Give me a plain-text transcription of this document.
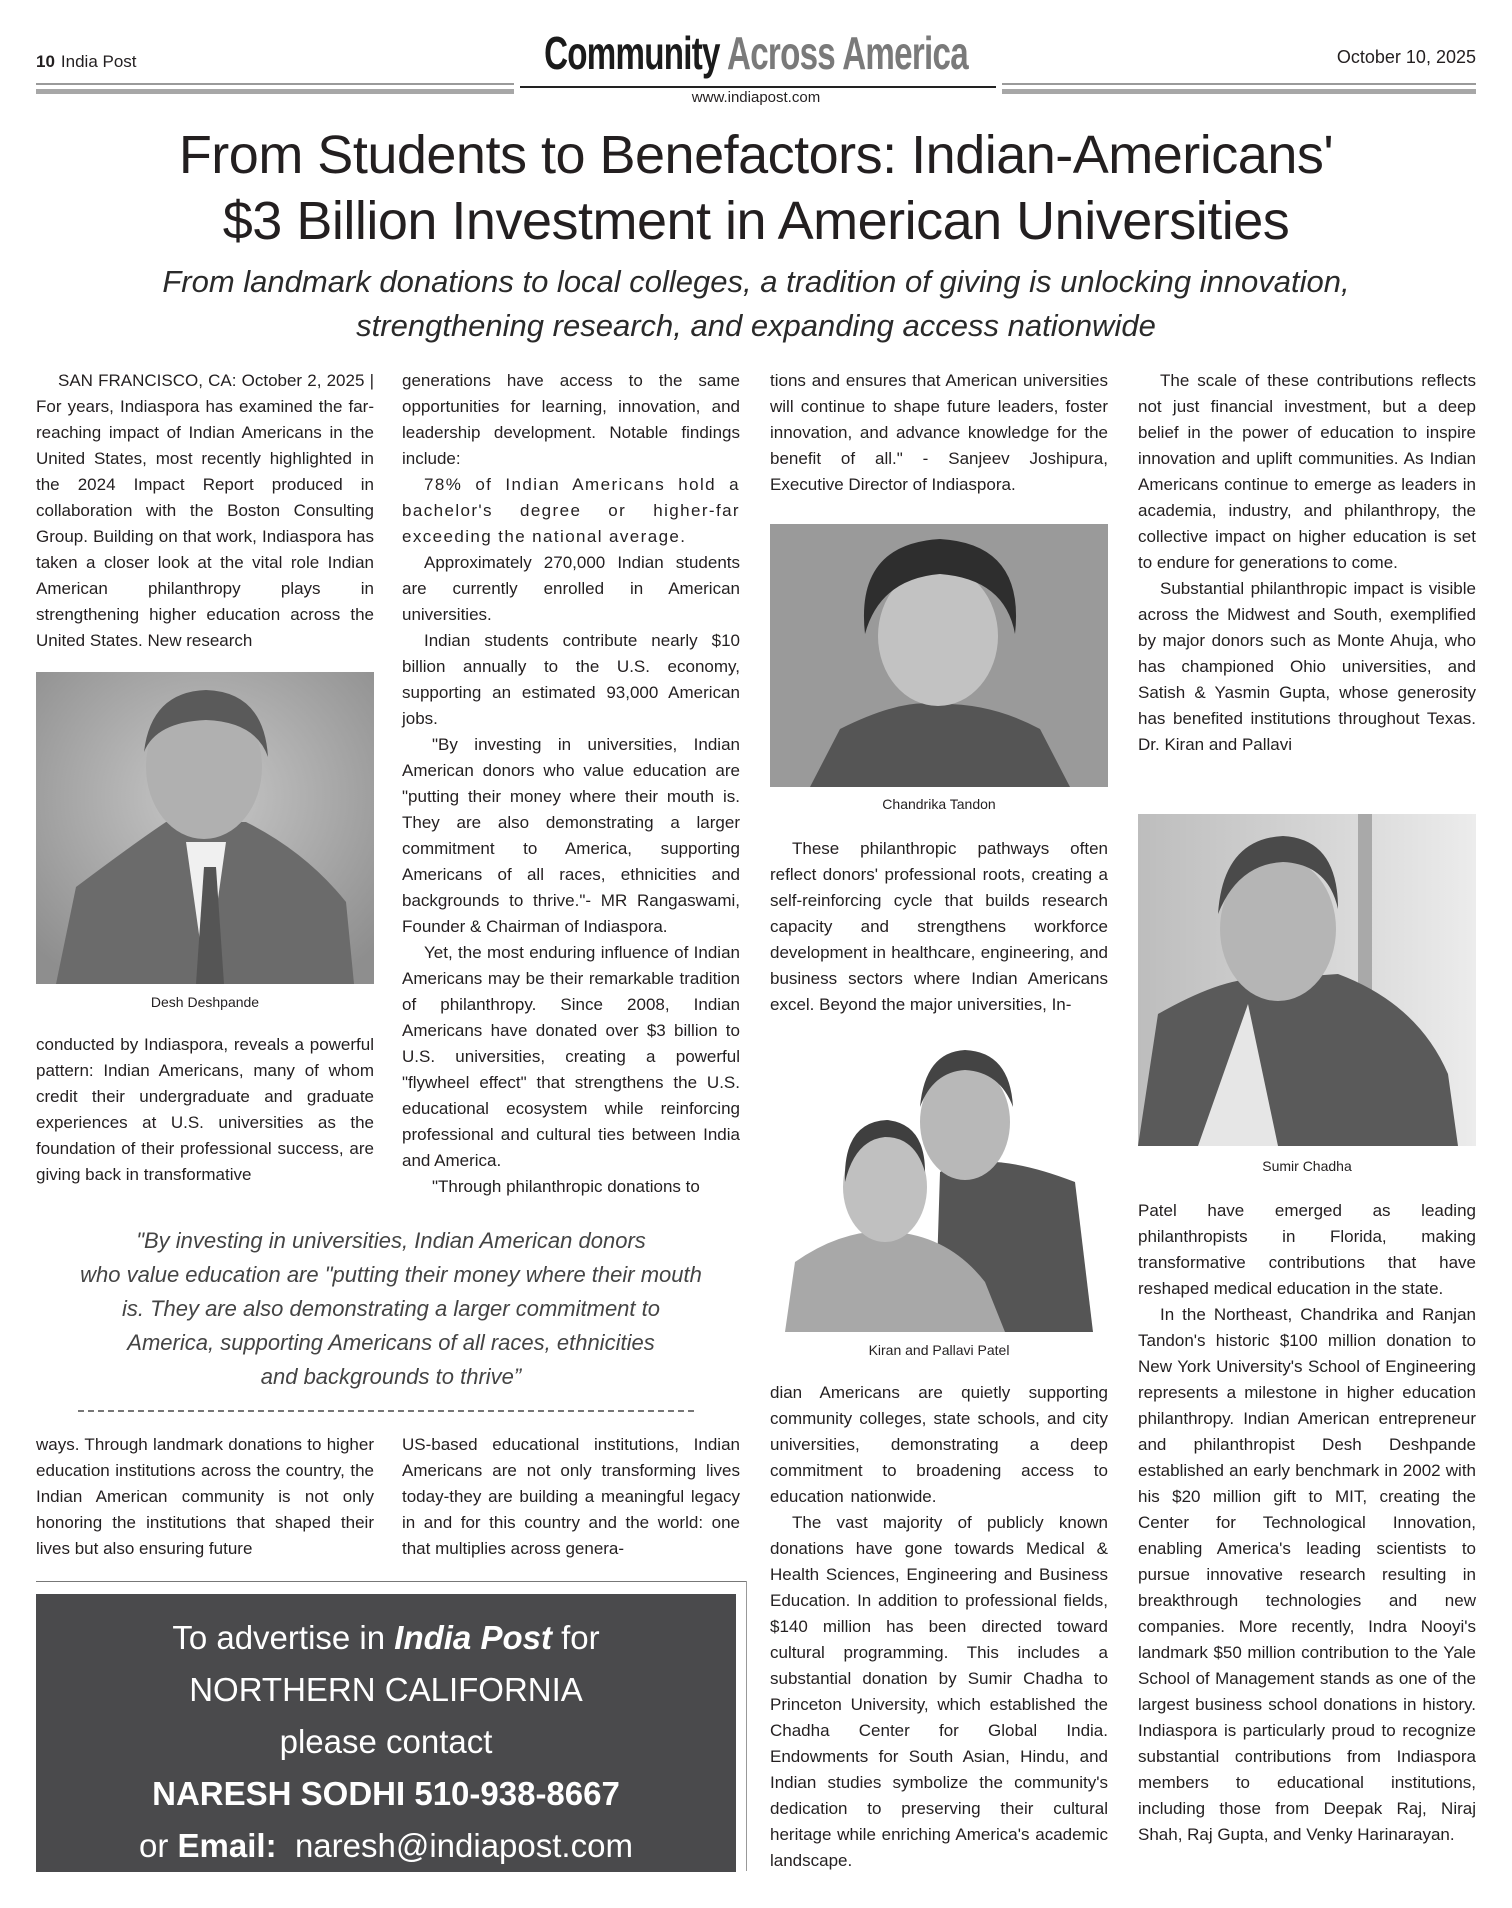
10 India Post	Community Across America	October 10, 2025
www.indiapost.com
From Students to Benefactors: Indian-Americans'
$3 Billion Investment in American Universities
From landmark donations to local colleges, a tradition of giving is unlocking innovation,
strengthening research, and expanding access nationwide

SAN FRANCISCO, CA: October 2, 2025 | For years, Indiaspora has examined the far-reaching impact of Indian Americans in the United States, most recently highlighted in the 2024 Impact Report produced in collaboration with the Boston Consulting Group. Building on that work, Indiaspora has taken a closer look at the vital role Indian American philanthropy plays in strengthening higher education across the United States. New research

Desh Deshpande

conducted by Indiaspora, reveals a powerful pattern: Indian Americans, many of whom credit their undergraduate and graduate experiences at U.S. universities as the foundation of their professional success, are giving back in transformative

generations have access to the same opportunities for learning, innovation, and leadership development. Notable findings include:

78% of Indian Americans hold a bachelor's degree or higher-far exceeding the national average.

Approximately 270,000 Indian students are currently enrolled in American universities.

Indian students contribute nearly $10 billion annually to the U.S. economy, supporting an estimated 93,000 American jobs.

"By investing in universities, Indian American donors who value education are "putting their money where their mouth is. They are also demonstrating a larger commitment to America, supporting Americans of all races, ethnicities and backgrounds to thrive."- MR Rangaswami, Founder & Chairman of Indiaspora.

Yet, the most enduring influence of Indian Americans may be their remarkable tradition of philanthropy. Since 2008, Indian Americans have donated over $3 billion to U.S. universities, creating a powerful "flywheel effect" that strengthens the U.S. educational ecosystem while reinforcing professional and cultural ties between India and America.

"Through philanthropic donations to

"By investing in universities, Indian American donors
who value education are "putting their money where their mouth
is. They are also demonstrating a larger commitment to
America, supporting Americans of all races, ethnicities
and backgrounds to thrive”

ways. Through landmark donations to higher education institutions across the country, the Indian American community is not only honoring the institutions that shaped their lives but also ensuring future

US-based educational institutions, Indian Americans are not only transforming lives today-they are building a meaningful legacy in and for this country and the world: one that multiplies across genera-

To advertise in India Post for
NORTHERN CALIFORNIA
please contact
NARESH SODHI 510-938-8667
or Email: naresh@indiapost.com

tions and ensures that American universities will continue to shape future leaders, foster innovation, and advance knowledge for the benefit of all." - Sanjeev Joshipura, Executive Director of Indiaspora.

Chandrika Tandon

These philanthropic pathways often reflect donors' professional roots, creating a self-reinforcing cycle that builds research capacity and strengthens workforce development in healthcare, engineering, and business sectors where Indian Americans excel. Beyond the major universities, In-

Kiran and Pallavi Patel

dian Americans are quietly supporting community colleges, state schools, and city universities, demonstrating a deep commitment to broadening access to education nationwide.

The vast majority of publicly known donations have gone towards Medical & Health Sciences, Engineering and Business Education. In addition to professional fields, $140 million has been directed toward cultural programming. This includes a substantial donation by Sumir Chadha to Princeton University, which established the Chadha Center for Global India. Endowments for South Asian, Hindu, and Indian studies symbolize the community's dedication to preserving their cultural heritage while enriching America's academic landscape.

The scale of these contributions reflects not just financial investment, but a deep belief in the power of education to inspire innovation and uplift communities. As Indian Americans continue to emerge as leaders in academia, industry, and philanthropy, the collective impact on higher education is set to endure for generations to come.

Substantial philanthropic impact is visible across the Midwest and South, exemplified by major donors such as Monte Ahuja, who has championed Ohio universities, and Satish & Yasmin Gupta, whose generosity has benefited institutions throughout Texas. Dr. Kiran and Pallavi

Sumir Chadha

Patel have emerged as leading philanthropists in Florida, making transformative contributions that have reshaped medical education in the state.

In the Northeast, Chandrika and Ranjan Tandon's historic $100 million donation to New York University's School of Engineering represents a milestone in higher education philanthropy. Indian American entrepreneur and philanthropist Desh Deshpande established an early benchmark in 2002 with his $20 million gift to MIT, creating the Center for Technological Innovation, enabling America's leading scientists to pursue innovative research resulting in breakthrough technologies and new companies. More recently, Indra Nooyi's landmark $50 million contribution to the Yale School of Management stands as one of the largest business school donations in history. Indiaspora is particularly proud to recognize substantial contributions from Indiaspora members to educational institutions, including those from Deepak Raj, Niraj Shah, Raj Gupta, and Venky Harinarayan.
